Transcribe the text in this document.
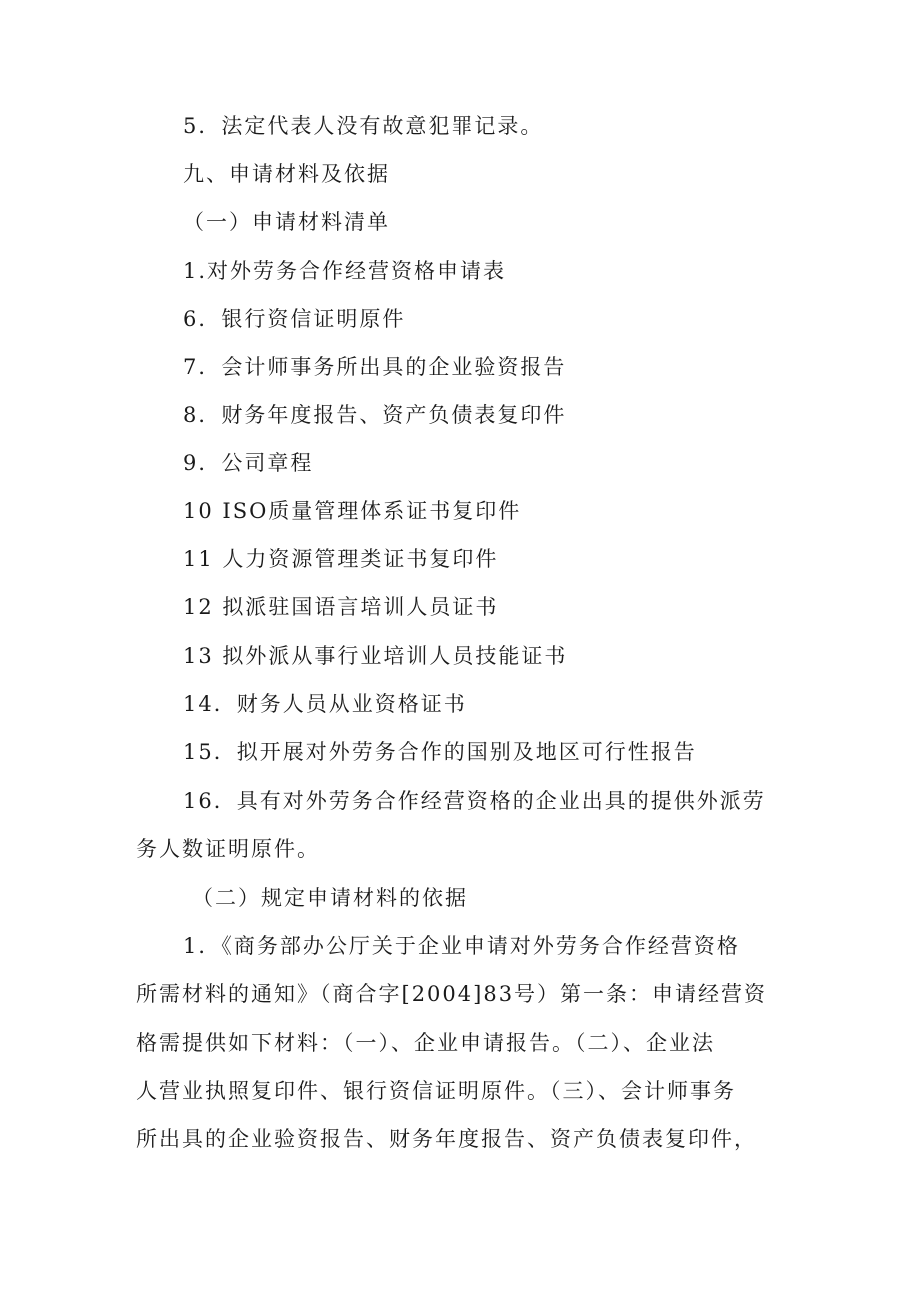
5．法定代表人没有故意犯罪记录。
九、申请材料及依据
（一）申请材料清单
1.对外劳务合作经营资格申请表
6．银行资信证明原件
7．会计师事务所出具的企业验资报告
8．财务年度报告、资产负债表复印件
9．公司章程
10 ISO质量管理体系证书复印件
11 人力资源管理类证书复印件
12 拟派驻国语言培训人员证书
13 拟外派从事行业培训人员技能证书
14．财务人员从业资格证书
15．拟开展对外劳务合作的国别及地区可行性报告
16．具有对外劳务合作经营资格的企业出具的提供外派劳
务人数证明原件。
（二）规定申请材料的依据
1．《商务部办公厅关于企业申请对外劳务合作经营资格
所需材料的通知》（商合字[2004]83号）第一条：申请经营资
格需提供如下材料：（一）、企业申请报告。（二）、企业法
人营业执照复印件、银行资信证明原件。（三）、会计师事务
所出具的企业验资报告、财务年度报告、资产负债表复印件，
